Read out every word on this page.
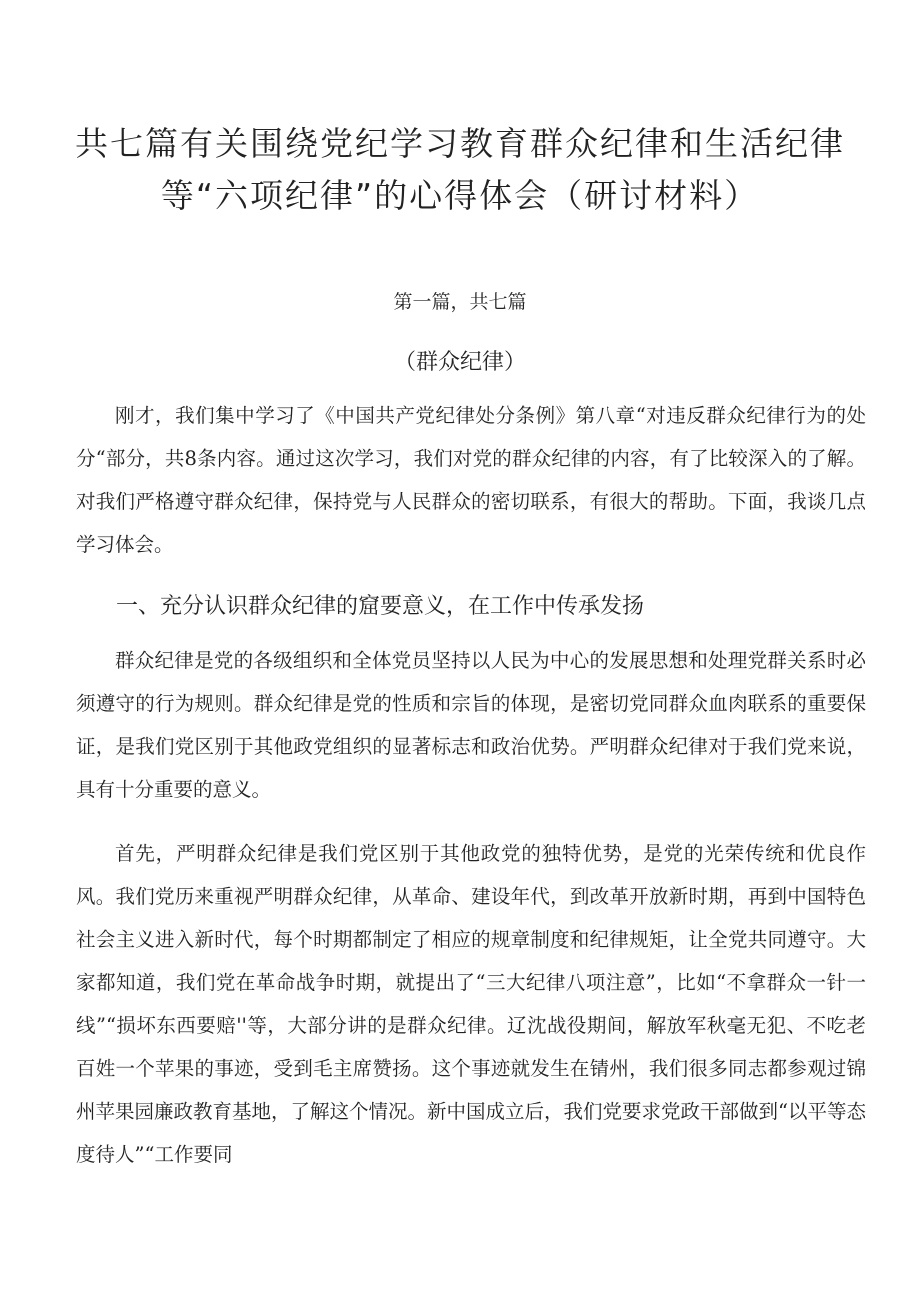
共七篇有关围绕党纪学习教育群众纪律和生活纪律
等“六项纪律”的心得体会（研讨材料）
第一篇，共七篇
（群众纪律）

刚才，我们集中学习了《中国共产党纪律处分条例》第八章“对违反群众纪律行为的处分“部分，共8条内容。通过这次学习，我们对党的群众纪律的内容，有了比较深入的了解。对我们严格遵守群众纪律，保持党与人民群众的密切联系，有很大的帮助。下面，我谈几点学习体会。

一、充分认识群众纪律的窟要意义，在工作中传承发扬

群众纪律是党的各级组织和全体党员坚持以人民为中心的发展思想和处理党群关系时必须遵守的行为规则。群众纪律是党的性质和宗旨的体现，是密切党同群众血肉联系的重要保证，是我们党区别于其他政党组织的显著标志和政治优势。严明群众纪律对于我们党来说，具有十分重要的意义。

首先，严明群众纪律是我们党区别于其他政党的独特优势，是党的光荣传统和优良作风。我们党历来重视严明群众纪律，从革命、建设年代，到改革开放新时期，再到中国特色社会主义进入新时代，每个时期都制定了相应的规章制度和纪律规矩，让全党共同遵守。大家都知道，我们党在革命战争时期，就提出了“三大纪律八项注意”，比如“不拿群众一针一线”“损坏东西要赔''等，大部分讲的是群众纪律。辽沈战役期间，解放军秋毫无犯、不吃老百姓一个苹果的事迹，受到毛主席赞扬。这个事迹就发生在锖州，我们很多同志都参观过锦州苹果园廉政教育基地，了解这个情况。新中国成立后，我们党要求党政干部做到“以平等态度待人”“工作要同
